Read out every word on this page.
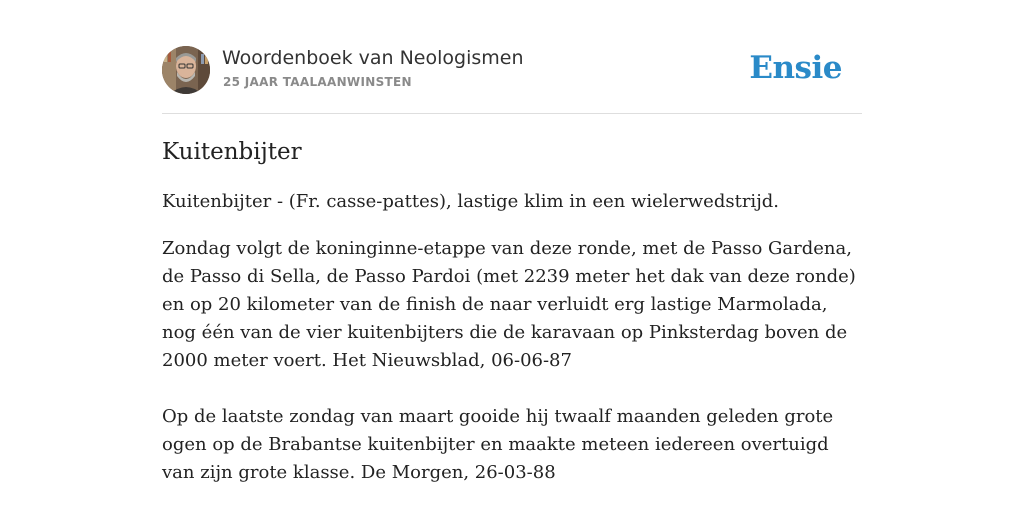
Woordenboek van Neologismen
25 JAAR TAALAANWINSTEN	Ensie
Kuitenbijter

Kuitenbijter - (Fr. casse-pattes), lastige klim in een wielerwedstrijd.

Zondag volgt de koninginne-etappe van deze ronde, met de Passo Gardena, de Passo di Sella, de Passo Pardoi (met 2239 meter het dak van deze ronde) en op 20 kilometer van de finish de naar verluidt erg lastige Marmolada, nog één van de vier kuitenbijters die de karavaan op Pinksterdag boven de 2000 meter voert. Het Nieuwsblad, 06-06-87

Op de laatste zondag van maart gooide hij twaalf maanden geleden grote ogen op de Brabantse kuitenbijter en maakte meteen iedereen overtuigd van zijn grote klasse. De Morgen, 26-03-88
